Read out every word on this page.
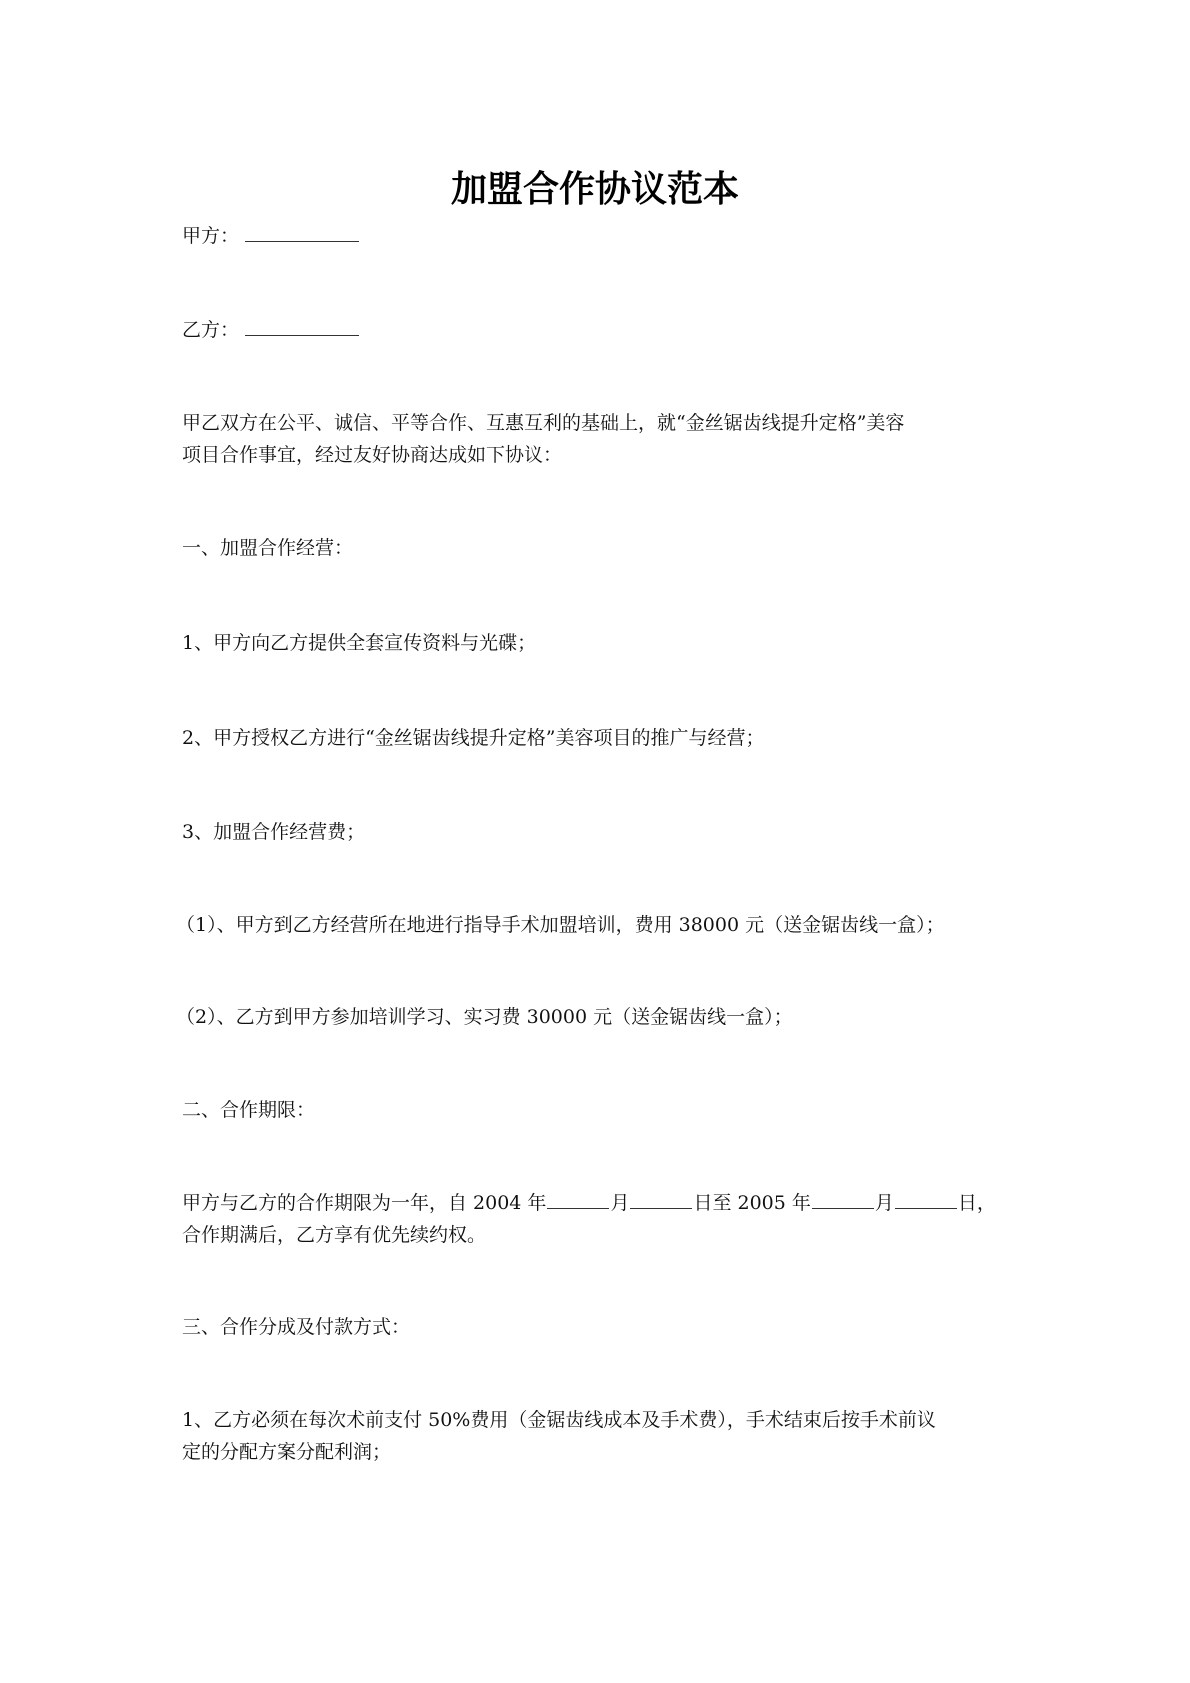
加盟合作协议范本
甲方：
乙方：
甲乙双方在公平、诚信、平等合作、互惠互利的基础上，就“金丝锯齿线提升定格”美容
项目合作事宜，经过友好协商达成如下协议：
一、加盟合作经营：
1、甲方向乙方提供全套宣传资料与光碟；
2、甲方授权乙方进行“金丝锯齿线提升定格”美容项目的推广与经营；
3、加盟合作经营费；
（1）、甲方到乙方经营所在地进行指导手术加盟培训，费用 38000 元（送金锯齿线一盒）；
（2）、乙方到甲方参加培训学习、实习费 30000 元（送金锯齿线一盒）；
二、合作期限：
甲方与乙方的合作期限为一年，自 2004 年	月	日至 2005 年	月	日，
合作期满后，乙方享有优先续约权。
三、合作分成及付款方式：
1、乙方必须在每次术前支付 50%费用（金锯齿线成本及手术费），手术结束后按手术前议
定的分配方案分配利润；
